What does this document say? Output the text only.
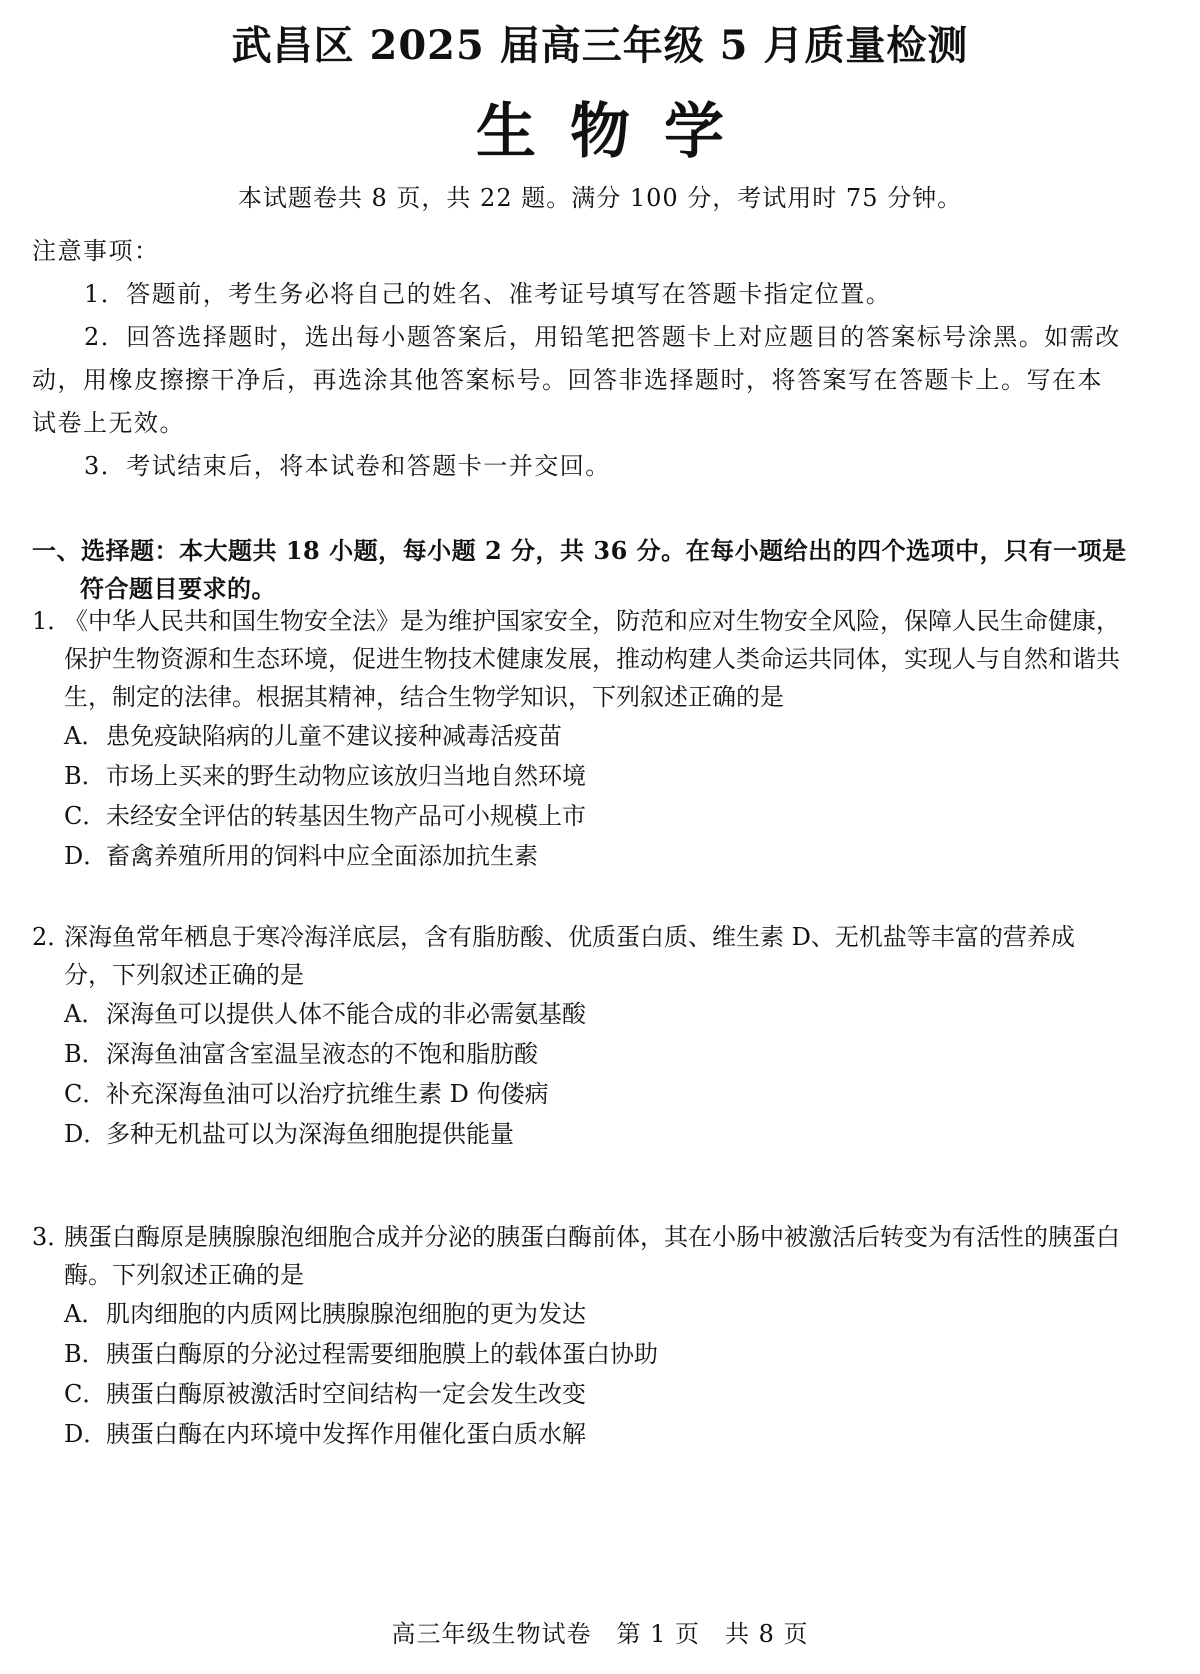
武昌区 2025 届高三年级 5 月质量检测
生物学
本试题卷共 8 页，共 22 题。满分 100 分，考试用时 75 分钟。

注意事项：

1．答题前，考生务必将自己的姓名、准考证号填写在答题卡指定位置。

2．回答选择题时，选出每小题答案后，用铅笔把答题卡上对应题目的答案标号涂黑。如需改动，用橡皮擦擦干净后，再选涂其他答案标号。回答非选择题时，将答案写在答题卡上。写在本试卷上无效。

3．考试结束后，将本试卷和答题卡一并交回。

一、选择题：本大题共 18 小题，每小题 2 分，共 36 分。在每小题给出的四个选项中，只有一项是符合题目要求的。
1．
《中华人民共和国生物安全法》是为维护国家安全，防范和应对生物安全风险，保障人民生命健康，保护生物资源和生态环境，促进生物技术健康发展，推动构建人类命运共同体，实现人与自然和谐共生，制定的法律。根据其精神，结合生物学知识，下列叙述正确的是
A．患免疫缺陷病的儿童不建议接种减毒活疫苗
B．市场上买来的野生动物应该放归当地自然环境
C．未经安全评估的转基因生物产品可小规模上市
D．畜禽养殖所用的饲料中应全面添加抗生素
2．
深海鱼常年栖息于寒冷海洋底层，含有脂肪酸、优质蛋白质、维生素 D、无机盐等丰富的营养成分，下列叙述正确的是
A．深海鱼可以提供人体不能合成的非必需氨基酸
B．深海鱼油富含室温呈液态的不饱和脂肪酸
C．补充深海鱼油可以治疗抗维生素 D 佝偻病
D．多种无机盐可以为深海鱼细胞提供能量
3．
胰蛋白酶原是胰腺腺泡细胞合成并分泌的胰蛋白酶前体，其在小肠中被激活后转变为有活性的胰蛋白酶。下列叙述正确的是
A．肌肉细胞的内质网比胰腺腺泡细胞的更为发达
B．胰蛋白酶原的分泌过程需要细胞膜上的载体蛋白协助
C．胰蛋白酶原被激活时空间结构一定会发生改变
D．胰蛋白酶在内环境中发挥作用催化蛋白质水解
高三年级生物试卷　第 1 页　共 8 页
